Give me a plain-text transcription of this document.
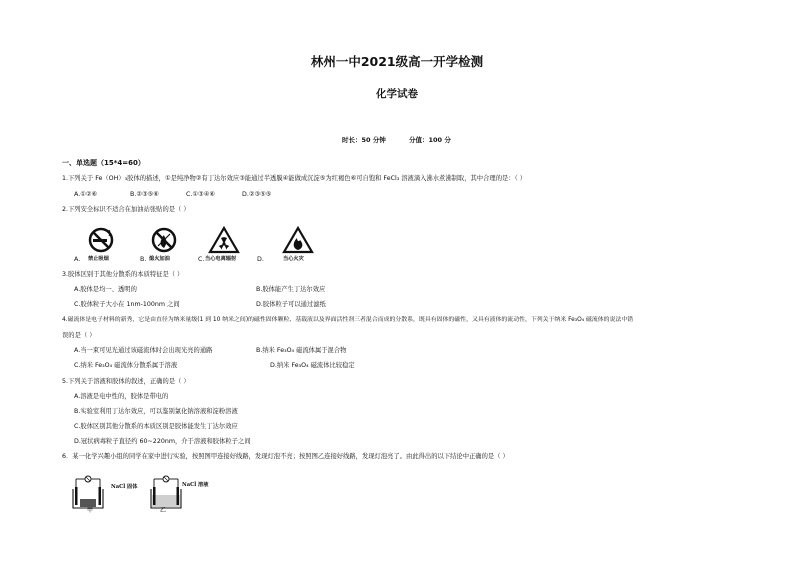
林州一中2021级高一开学检测
化学试卷
时长：50 分钟	分值：100 分
一、单选题（15*4=60）
1.下列关于 Fe（OH）₃胶体的描述，①是纯净物②有丁达尔效应③能通过半透膜④能做成沉淀⑤为红褐色⑥可自饱和 FeCl₃ 溶液滴入沸水煮沸制取，其中合理的是：（ ）
A.①②⑥	B.②③⑤⑥	C.①③④⑥	D.②③⑤⑤
2.下列安全标识不适合在加油站张贴的是（ ）
A. 禁止吸烟	B. 熄火加油	C. 当心电离辐射	D.	当心火灾
3.胶体区别于其他分散系的本质特征是（ ）
A.胶体是均一、透明的	B.胶体能产生丁达尔效应
C.胶体粒子大小在 1nm-100nm 之间	D.胶体粒子可以通过滤纸
4.磁流体是电子材料的新秀，它是由直径为纳米量级(1 到 10 纳米之间)的磁性固体颗粒、基载液以及界面活性剂三者混合而成的分散系，既具有固体的磁性，又具有液体的流动性，下列关于纳米 Fe₃O₄ 磁流体的说法中错
误的是（ ）
A.当一束可见光通过该磁流体时会出现光亮的通路	B.纳米 Fe₃O₄ 磁流体属于混合物
C.纳米 Fe₃O₄ 磁流体分散系属于溶液	D.纳米 Fe₃O₄ 磁流体比较稳定
5.下列关于溶液和胶体的叙述，正确的是（ ）
A.溶液是电中性的，胶体是带电的
B.实验室利用丁达尔效应，可以鉴别氯化钠溶液和淀粉溶液
C.胶体区别其他分散系的本质区别是胶体能发生丁达尔效应
D.冠状病毒粒子直径约 60~220nm，介于溶液和胶体粒子之间
6．某一化学兴趣小组的同学在家中进行实验，按照图甲连接好线路，发现灯泡不亮；按照图乙连接好线路，发现灯泡亮了。由此得出的以下结论中正确的是（ ）
NaCl 固体
甲
NaCl 溶液
乙
